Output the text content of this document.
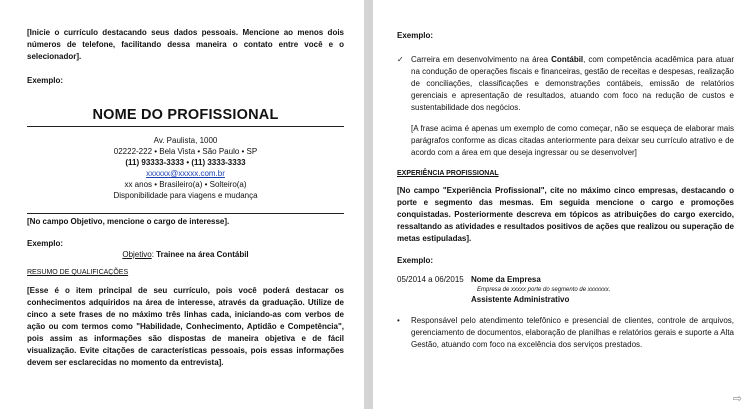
[Inicie o currículo destacando seus dados pessoais. Mencione ao menos dois números de telefone, facilitando dessa maneira o contato entre você e o selecionador].
Exemplo:
NOME DO PROFISSIONAL
Av. Paulista, 1000
02222-222 • Bela Vista • São Paulo • SP
(11) 93333-3333 • (11) 3333-3333
xxxxxx@xxxxx.com.br
xx anos • Brasileiro(a) • Solteiro(a)
Disponibilidade para viagens e mudança
[No campo Objetivo, mencione o cargo de interesse].
Exemplo:
Objetivo: Trainee na área Contábil
RESUMO DE QUALIFICAÇÕES
[Esse é o item principal de seu currículo, pois você poderá destacar os conhecimentos adquiridos na área de interesse, através da graduação. Utilize de cinco a sete frases de no máximo três linhas cada, iniciando-as com verbos de ação ou com termos como "Habilidade, Conhecimento, Aptidão e Competência", pois assim as informações são dispostas de maneira objetiva e de fácil visualização. Evite citações de características pessoais, pois essas informações devem ser esclarecidas no momento da entrevista].
Exemplo:
✓ Carreira em desenvolvimento na área Contábil, com competência acadêmica para atuar na condução de operações fiscais e financeiras, gestão de receitas e despesas, realização de conciliações, classificações e demonstrações contábeis, emissão de relatórios gerenciais e apresentação de resultados, atuando com foco na redução de custos e sustentabilidade dos negócios.
[A frase acima é apenas um exemplo de como começar, não se esqueça de elaborar mais parágrafos conforme as dicas citadas anteriormente para deixar seu currículo atrativo e de acordo com a área em que deseja ingressar ou se desenvolver]
EXPERIÊNCIA PROFISSIONAL
[No campo "Experiência Profissional", cite no máximo cinco empresas, destacando o porte e segmento das mesmas. Em seguida mencione o cargo e promoções conquistadas. Posteriormente descreva em tópicos as atribuições do cargo exercido, ressaltando as atividades e resultados positivos de ações que realizou ou superação de metas estipuladas].
Exemplo:
05/2014 a 06/2015 Nome da Empresa
Empresa de xxxxx porte do segmento de xxxxxxx.
Assistente Administrativo
• Responsável pelo atendimento telefônico e presencial de clientes, controle de arquivos, gerenciamento de documentos, elaboração de planilhas e relatórios gerais e suporte a Alta Gestão, atuando com foco na excelência dos serviços prestados.
⇨
